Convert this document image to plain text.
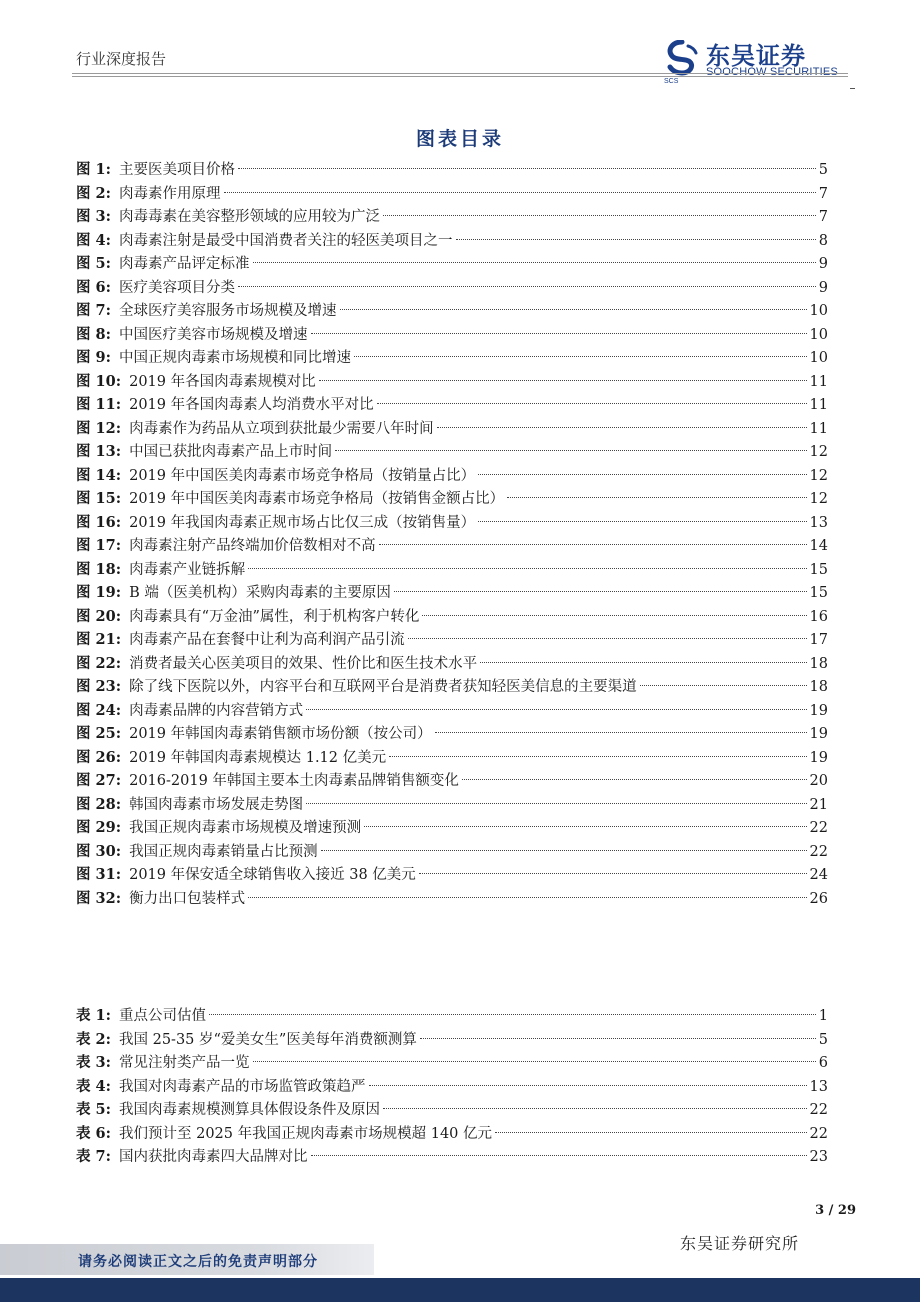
行业深度报告
SCS
东吴证券
SOOCHOW SECURITIES
图表目录
图 1: 主要医美项目价格	5
图 2: 肉毒素作用原理	7
图 3: 肉毒毒素在美容整形领域的应用较为广泛	7
图 4: 肉毒素注射是最受中国消费者关注的轻医美项目之一	8
图 5: 肉毒素产品评定标准	9
图 6: 医疗美容项目分类	9
图 7: 全球医疗美容服务市场规模及增速	10
图 8: 中国医疗美容市场规模及增速	10
图 9: 中国正规肉毒素市场规模和同比增速	10
图 10: 2019 年各国肉毒素规模对比	11
图 11: 2019 年各国肉毒素人均消费水平对比	11
图 12: 肉毒素作为药品从立项到获批最少需要八年时间	11
图 13: 中国已获批肉毒素产品上市时间	12
图 14: 2019 年中国医美肉毒素市场竞争格局（按销量占比）	12
图 15: 2019 年中国医美肉毒素市场竞争格局（按销售金额占比）	12
图 16: 2019 年我国肉毒素正规市场占比仅三成（按销售量）	13
图 17: 肉毒素注射产品终端加价倍数相对不高	14
图 18: 肉毒素产业链拆解	15
图 19: B 端（医美机构）采购肉毒素的主要原因	15
图 20: 肉毒素具有“万金油”属性，利于机构客户转化	16
图 21: 肉毒素产品在套餐中让利为高利润产品引流	17
图 22: 消费者最关心医美项目的效果、性价比和医生技术水平	18
图 23: 除了线下医院以外，内容平台和互联网平台是消费者获知轻医美信息的主要渠道	18
图 24: 肉毒素品牌的内容营销方式	19
图 25: 2019 年韩国肉毒素销售额市场份额（按公司）	19
图 26: 2019 年韩国肉毒素规模达 1.12 亿美元	19
图 27: 2016-2019 年韩国主要本土肉毒素品牌销售额变化	20
图 28: 韩国肉毒素市场发展走势图	21
图 29: 我国正规肉毒素市场规模及增速预测	22
图 30: 我国正规肉毒素销量占比预测	22
图 31: 2019 年保安适全球销售收入接近 38 亿美元	24
图 32: 衡力出口包装样式	26
表 1: 重点公司估值	1
表 2: 我国 25-35 岁“爱美女生”医美每年消费额测算	5
表 3: 常见注射类产品一览	6
表 4: 我国对肉毒素产品的市场监管政策趋严	13
表 5: 我国肉毒素规模测算具体假设条件及原因	22
表 6: 我们预计至 2025 年我国正规肉毒素市场规模超 140 亿元	22
表 7: 国内获批肉毒素四大品牌对比	23
3 / 29
东吴证券研究所
请务必阅读正文之后的免责声明部分
